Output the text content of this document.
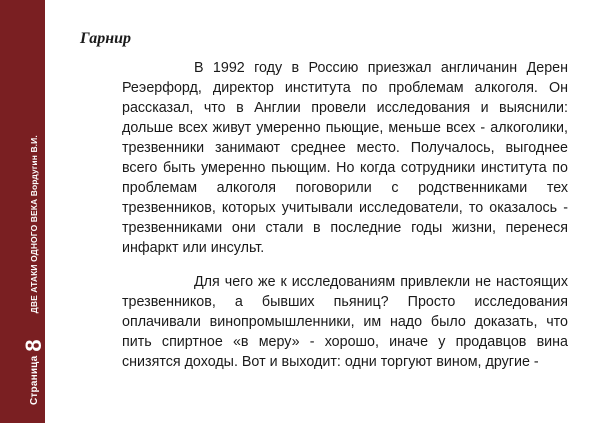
Страница
8
ДВЕ АТАКИ ОДНОГО ВЕКА Вордугин В.И.
Гарнир

В 1992 году в Россию приезжал англичанин Дерен Реэерфорд, директор института по проблемам алкоголя. Он рассказал, что в Англии провели исследования и выяснили: дольше всех живут умеренно пьющие, меньше всех - алкоголики, трезвенники занимают среднее место. Получалось, выгоднее всего быть умеренно пьющим. Но когда сотрудники института по проблемам алкоголя поговорили с родственниками тех трезвенников, которых учитывали исследователи, то оказалось - трезвенниками они стали в последние годы жизни, перенеся инфаркт или инсульт.

Для чего же к исследованиям привлекли не настоящих трезвенников, а бывших пьяниц? Просто исследования оплачивали винопромышленники, им надо было доказать, что пить спиртное «в меру» - хорошо, иначе у продавцов вина снизятся доходы. Вот и выходит: одни торгуют вином, другие -
